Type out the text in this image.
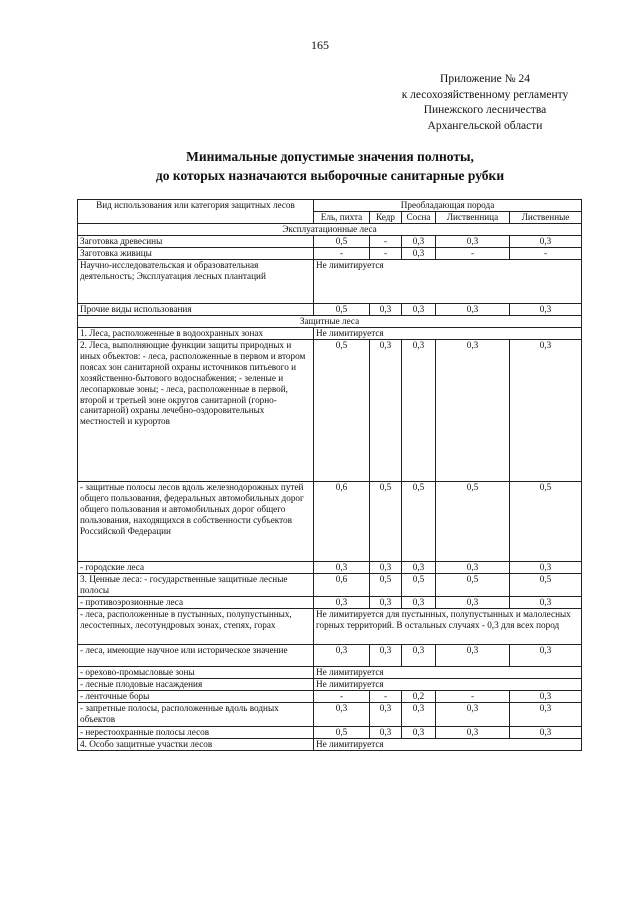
165
Приложение № 24
к лесохозяйственному регламенту
Пинежского лесничества
Архангельской области
Минимальные допустимые значения полноты,
до которых назначаются выборочные санитарные рубки
Вид использования или категория защитных лесов	Преобладающая порода				
	Ель, пихта	Кедр	Сосна	Лиственница	Лиственные
Эксплуатационные леса					
Заготовка древесины	0,5	-	0,3	0,3	0,3
Заготовка живицы	-	-	0,3	-	-
Научно-исследовательская и образовательная деятельность; Эксплуатация лесных плантаций	Не лимитируется				
Прочие виды использования	0,5	0,3	0,3	0,3	0,3
Защитные леса					
1. Леса, расположенные в водоохранных зонах	Не лимитируется				
2. Леса, выполняющие функции защиты природных и иных объектов: - леса, расположенные в первом и втором поясах зон санитарной охраны источников питьевого и хозяйственно-бытового водоснабжения; - зеленые и лесопарковые зоны; - леса, расположенные в первой, второй и третьей зоне округов санитарной (горно-санитарной) охраны лечебно-оздоровительных местностей и курортов	0,5	0,3	0,3	0,3	0,3
- защитные полосы лесов вдоль железнодорожных путей общего пользования, федеральных автомобильных дорог общего пользования и автомобильных дорог общего пользования, находящихся в собственности субъектов Российской Федерации	0,6	0,5	0,5	0,5	0,5
- городские леса	0,3	0,3	0,3	0,3	0,3
3. Ценные леса: - государственные защитные лесные полосы	0,6	0,5	0,5	0,5	0,5
- противоэрозионные леса	0,3	0,3	0,3	0,3	0,3
- леса, расположенные в пустынных, полупустынных, лесостепных, лесотундровых зонах, степях, горах	Не лимитируется для пустынных, полупустынных и малолесных горных территорий. В остальных случаях - 0,3 для всех пород				
- леса, имеющие научное или историческое значение	0,3	0,3	0,3	0,3	0,3
- орехово-промысловые зоны	Не лимитируется				
- лесные плодовые насаждения	Не лимитируется				
- ленточные боры	-	-	0,2	-	0,3
- запретные полосы, расположенные вдоль водных объектов	0,3	0,3	0,3	0,3	0,3
- нерестоохранные полосы лесов	0,5	0,3	0,3	0,3	0,3
4. Особо защитные участки лесов	Не лимитируется				
